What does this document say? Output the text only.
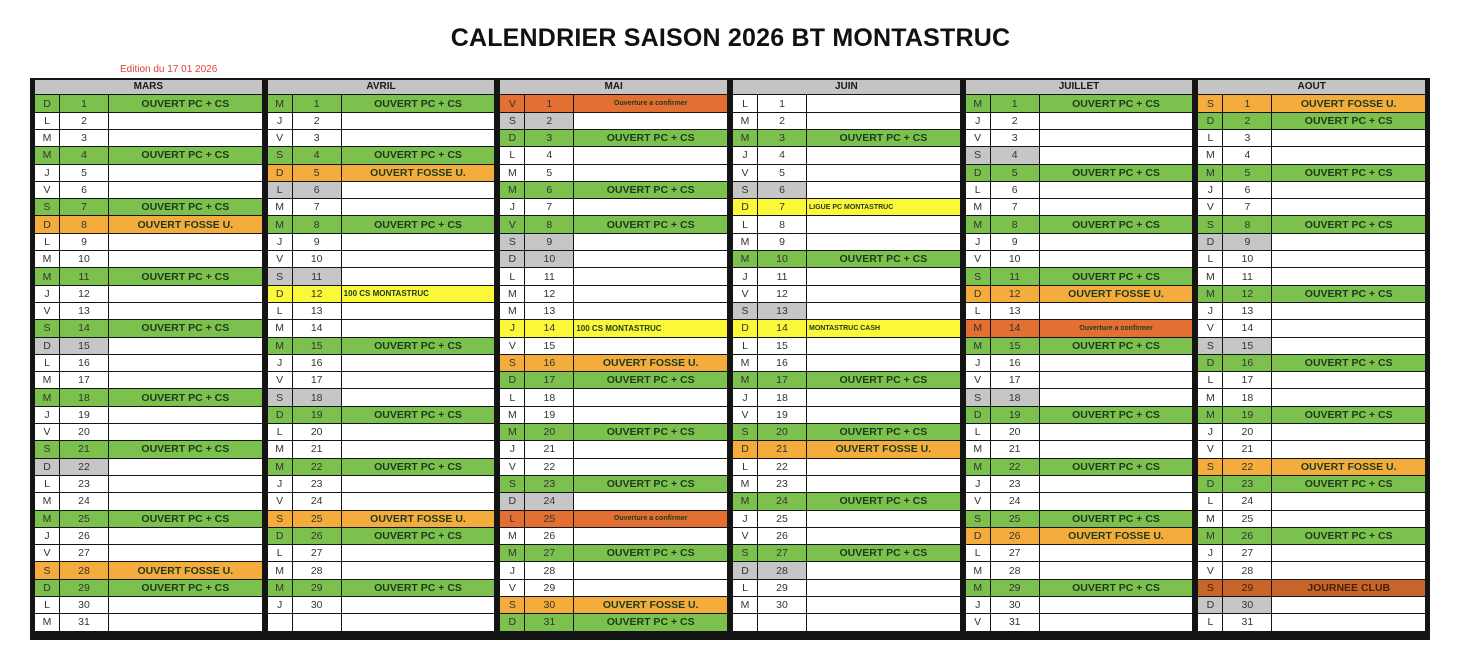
CALENDRIER SAISON 2026 BT MONTASTRUC
Edition du 17 01 2026
MARS
D	1	OUVERT PC + CS
L	2
M	3
M	4	OUVERT PC + CS
J	5
V	6
S	7	OUVERT PC + CS
D	8	OUVERT FOSSE U.
L	9
M	10
M	11	OUVERT PC + CS
J	12
V	13
S	14	OUVERT PC + CS
D	15
L	16
M	17
M	18	OUVERT PC + CS
J	19
V	20
S	21	OUVERT PC + CS
D	22
L	23
M	24
M	25	OUVERT PC + CS
J	26
V	27
S	28	OUVERT FOSSE U.
D	29	OUVERT PC + CS
L	30
M	31
AVRIL
M	1	OUVERT PC + CS
J	2
V	3
S	4	OUVERT PC + CS
D	5	OUVERT FOSSE U.
L	6
M	7
M	8	OUVERT PC + CS
J	9
V	10
S	11
D	12	100 CS MONTASTRUC
L	13
M	14
M	15	OUVERT PC + CS
J	16
V	17
S	18
D	19	OUVERT PC + CS
L	20
M	21
M	22	OUVERT PC + CS
J	23
V	24
S	25	OUVERT FOSSE U.
D	26	OUVERT PC + CS
L	27
M	28
M	29	OUVERT PC + CS
J	30
MAI
V	1	Ouverture a confirmer
S	2
D	3	OUVERT PC + CS
L	4
M	5
M	6	OUVERT PC + CS
J	7
V	8	OUVERT PC + CS
S	9
D	10
L	11
M	12
M	13
J	14	100 CS MONTASTRUC
V	15
S	16	OUVERT FOSSE U.
D	17	OUVERT PC + CS
L	18
M	19
M	20	OUVERT PC + CS
J	21
V	22
S	23	OUVERT PC + CS
D	24
L	25	Ouverture a confirmer
M	26
M	27	OUVERT PC + CS
J	28
V	29
S	30	OUVERT FOSSE U.
D	31	OUVERT PC + CS
JUIN
L	1
M	2
M	3	OUVERT PC + CS
J	4
V	5
S	6
D	7	LIGUE PC MONTASTRUC
L	8
M	9
M	10	OUVERT PC + CS
J	11
V	12
S	13
D	14	MONTASTRUC CASH
L	15
M	16
M	17	OUVERT PC + CS
J	18
V	19
S	20	OUVERT PC + CS
D	21	OUVERT FOSSE U.
L	22
M	23
M	24	OUVERT PC + CS
J	25
V	26
S	27	OUVERT PC + CS
D	28
L	29
M	30
JUILLET
M	1	OUVERT PC + CS
J	2
V	3
S	4
D	5	OUVERT PC + CS
L	6
M	7
M	8	OUVERT PC + CS
J	9
V	10
S	11	OUVERT PC + CS
D	12	OUVERT FOSSE U.
L	13
M	14	Ouverture a confirmer
M	15	OUVERT PC + CS
J	16
V	17
S	18
D	19	OUVERT PC + CS
L	20
M	21
M	22	OUVERT PC + CS
J	23
V	24
S	25	OUVERT PC + CS
D	26	OUVERT FOSSE U.
L	27
M	28
M	29	OUVERT PC + CS
J	30
V	31
AOUT
S	1	OUVERT FOSSE U.
D	2	OUVERT PC + CS
L	3
M	4
M	5	OUVERT PC + CS
J	6
V	7
S	8	OUVERT PC + CS
D	9
L	10
M	11
M	12	OUVERT PC + CS
J	13
V	14
S	15
D	16	OUVERT PC + CS
L	17
M	18
M	19	OUVERT PC + CS
J	20
V	21
S	22	OUVERT FOSSE U.
D	23	OUVERT PC + CS
L	24
M	25
M	26	OUVERT PC + CS
J	27
V	28
S	29	JOURNEE CLUB
D	30
L	31
